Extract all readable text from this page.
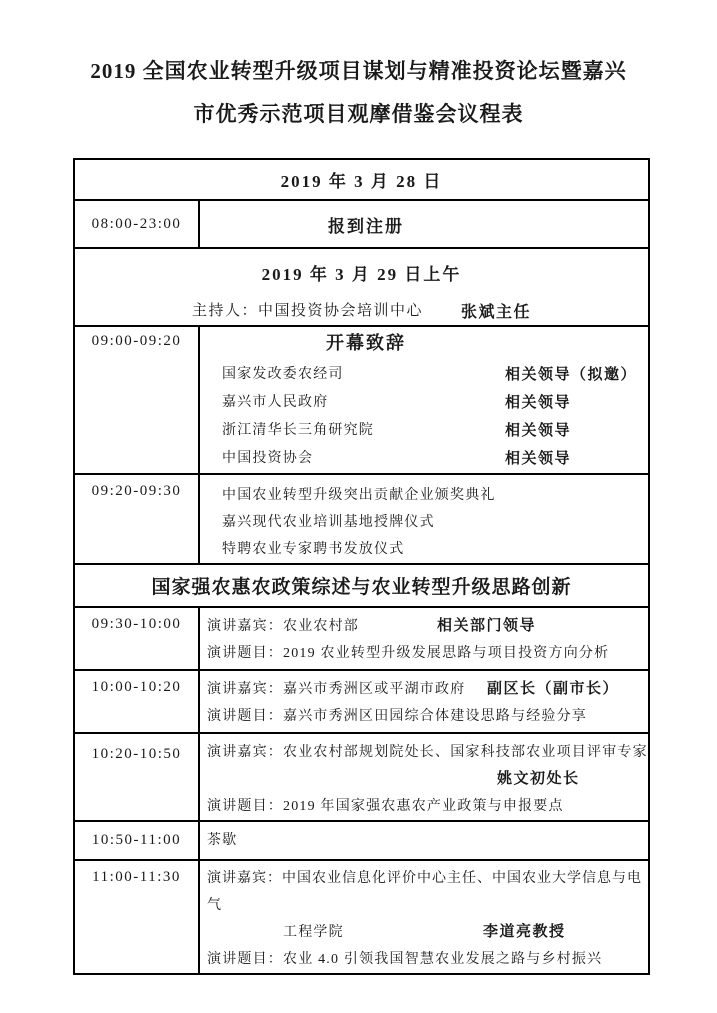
2019 全国农业转型升级项目谋划与精准投资论坛暨嘉兴
市优秀示范项目观摩借鉴会议程表
2019 年 3 月 28 日
08:00-23:00	报到注册
2019 年 3 月 29 日上午
主持人：中国投资协会培训中心 张斌主任
09:00-09:20	开幕致辞
国家发改委农经司	相关领导（拟邀）
嘉兴市人民政府	相关领导
浙江清华长三角研究院	相关领导
中国投资协会	相关领导
09:20-09:30	中国农业转型升级突出贡献企业颁奖典礼
嘉兴现代农业培训基地授牌仪式
特聘农业专家聘书发放仪式
国家强农惠农政策综述与农业转型升级思路创新
09:30-10:00	演讲嘉宾：农业农村部	相关部门领导
演讲题目：2019 农业转型升级发展思路与项目投资方向分析
10:00-10:20	演讲嘉宾：嘉兴市秀洲区或平湖市政府	副区长（副市长）
演讲题目：嘉兴市秀洲区田园综合体建设思路与经验分享
10:20-10:50	演讲嘉宾：农业农村部规划院处长、国家科技部农业项目评审专家
姚文初处长
演讲题目：2019 年国家强农惠农产业政策与申报要点
10:50-11:00	茶歇
11:00-11:30	演讲嘉宾：中国农业信息化评价中心主任、中国农业大学信息与电气
工程学院	李道亮教授
演讲题目：农业 4.0 引领我国智慧农业发展之路与乡村振兴
